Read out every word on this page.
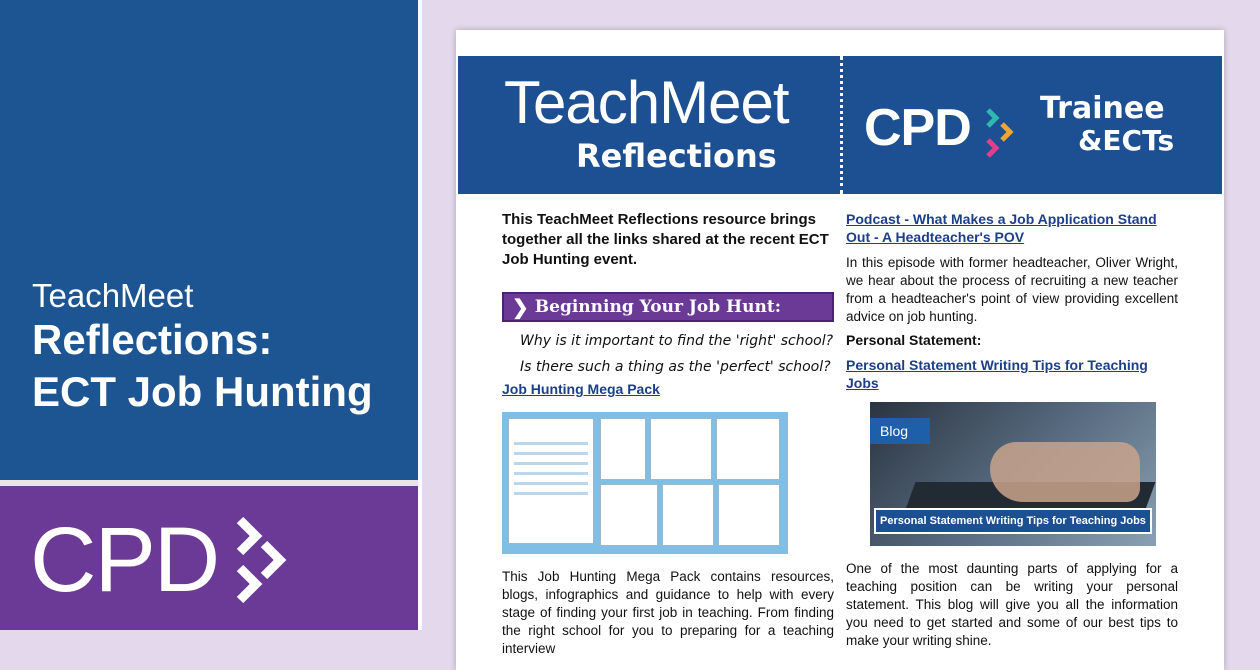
TeachMeet
Reflections:
ECT Job Hunting
CPD
TeachMeet
Reflections CPD Trainee
&ECTs

This TeachMeet Reflections resource brings together all the links shared at the recent ECT Job Hunting event.

❯ Beginning Your Job Hunt:

Why is it important to find the 'right' school?

Is there such a thing as the 'perfect' school?

Job Hunting Mega Pack

This Job Hunting Mega Pack contains resources, blogs, infographics and guidance to help with every stage of finding your first job in teaching. From finding the right school for you to preparing for a teaching interview

Podcast - What Makes a Job Application Stand Out - A Headteacher's POV

In this episode with former headteacher, Oliver Wright, we hear about the process of recruiting a new teacher from a headteacher's point of view providing excellent advice on job hunting.

Personal Statement:

Personal Statement Writing Tips for Teaching Jobs
Blog
Personal Statement Writing Tips for Teaching Jobs

One of the most daunting parts of applying for a teaching position can be writing your personal statement. This blog will give you all the information you need to get started and some of our best tips to make your writing shine.
